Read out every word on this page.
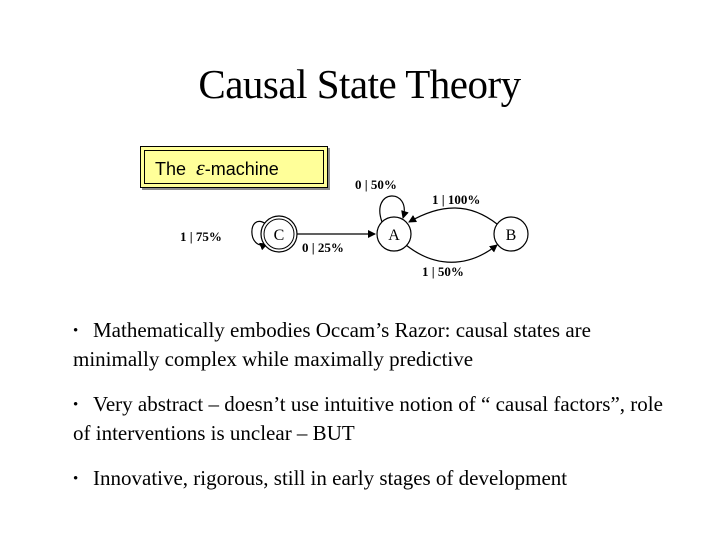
Causal State Theory
The ε-machine
C	A	B
1 | 75%
0 | 25%
0 | 50%
1 | 50%
1 | 100%
• Mathematically embodies Occam’s Razor: causal states are minimally complex while maximally predictive
• Very abstract – doesn’t use intuitive notion of “ causal factors”, role of interventions is unclear – BUT
• Innovative, rigorous, still in early stages of development
